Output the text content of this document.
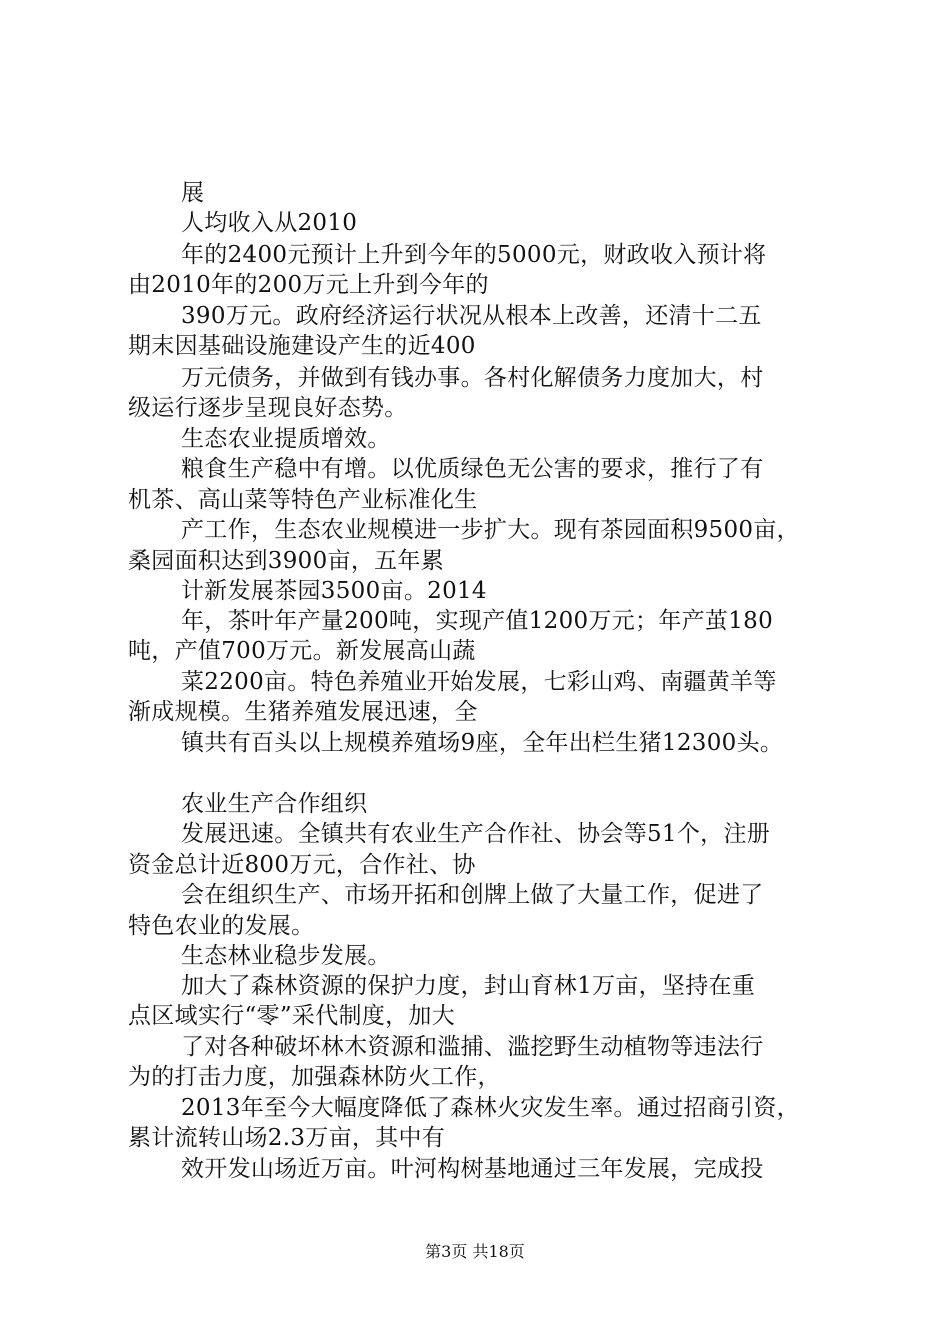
展
人均收入从2010
年的2400元预计上升到今年的5000元，财政收入预计将
由2010年的200万元上升到今年的
390万元。政府经济运行状况从根本上改善，还清十二五
期末因基础设施建设产生的近400
万元债务，并做到有钱办事。各村化解债务力度加大，村
级运行逐步呈现良好态势。
生态农业提质增效。
粮食生产稳中有增。以优质绿色无公害的要求，推行了有
机茶、高山菜等特色产业标准化生
产工作，生态农业规模进一步扩大。现有茶园面积9500亩，
桑园面积达到3900亩，五年累
计新发展茶园3500亩。2014
年，茶叶年产量200吨，实现产值1200万元；年产茧180
吨，产值700万元。新发展高山蔬
菜2200亩。特色养殖业开始发展，七彩山鸡、南疆黄羊等
渐成规模。生猪养殖发展迅速，全
镇共有百头以上规模养殖场9座，全年出栏生猪12300头。
农业生产合作组织
发展迅速。全镇共有农业生产合作社、协会等51个，注册
资金总计近800万元，合作社、协
会在组织生产、市场开拓和创牌上做了大量工作，促进了
特色农业的发展。
生态林业稳步发展。
加大了森林资源的保护力度，封山育林1万亩，坚持在重
点区域实行“零”采代制度，加大
了对各种破坏林木资源和滥捕、滥挖野生动植物等违法行
为的打击力度，加强森林防火工作，
2013年至今大幅度降低了森林火灾发生率。通过招商引资，
累计流转山场2.3万亩，其中有
效开发山场近万亩。叶河构树基地通过三年发展，完成投
第3页 共18页
